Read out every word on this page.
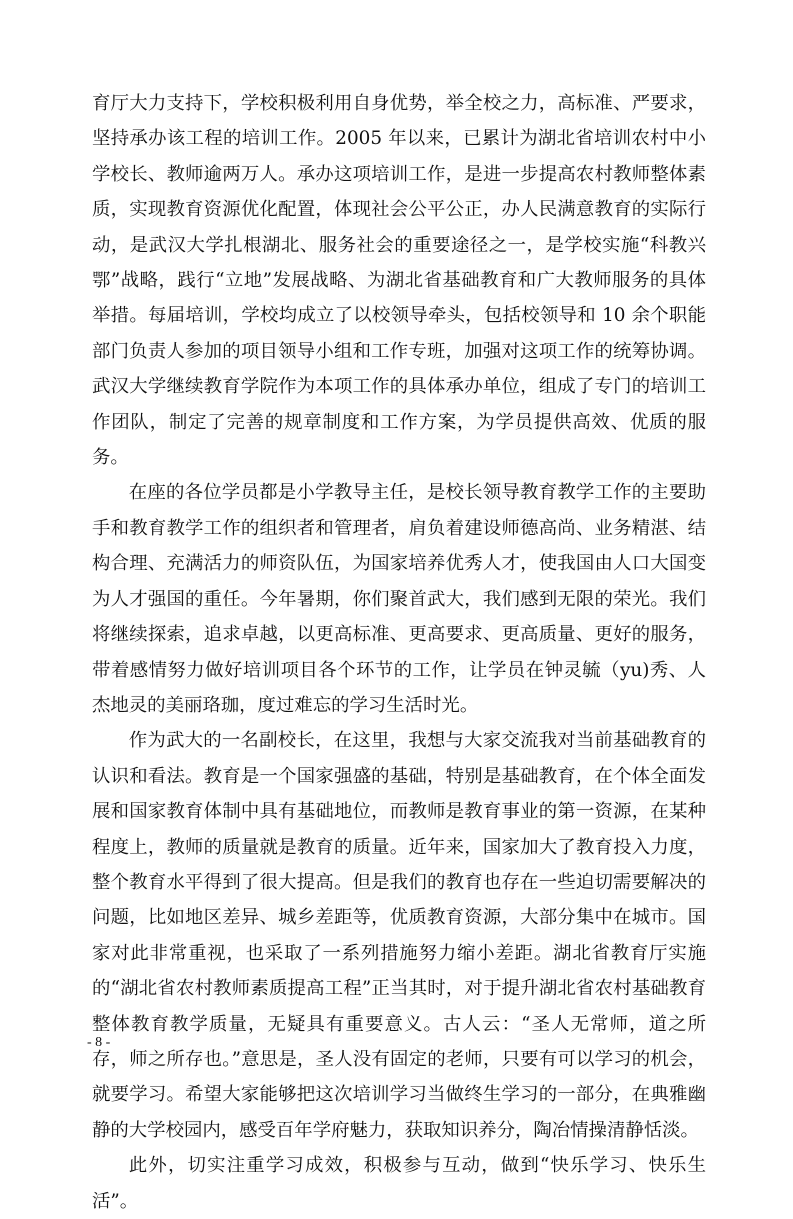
育厅大力支持下，学校积极利用自身优势，举全校之力，高标准、严要求，坚持承办该工程的培训工作。2005 年以来，已累计为湖北省培训农村中小学校长、教师逾两万人。承办这项培训工作，是进一步提高农村教师整体素质，实现教育资源优化配置，体现社会公平公正，办人民满意教育的实际行动，是武汉大学扎根湖北、服务社会的重要途径之一，是学校实施“科教兴鄂”战略，践行“立地”发展战略、为湖北省基础教育和广大教师服务的具体举措。每届培训，学校均成立了以校领导牵头，包括校领导和 10 余个职能部门负责人参加的项目领导小组和工作专班，加强对这项工作的统筹协调。武汉大学继续教育学院作为本项工作的具体承办单位，组成了专门的培训工作团队，制定了完善的规章制度和工作方案，为学员提供高效、优质的服务。

在座的各位学员都是小学教导主任，是校长领导教育教学工作的主要助手和教育教学工作的组织者和管理者，肩负着建设师德高尚、业务精湛、结构合理、充满活力的师资队伍，为国家培养优秀人才，使我国由人口大国变为人才强国的重任。今年暑期，你们聚首武大，我们感到无限的荣光。我们将继续探索，追求卓越，以更高标准、更高要求、更高质量、更好的服务，带着感情努力做好培训项目各个环节的工作，让学员在钟灵毓（yu)秀、人杰地灵的美丽珞珈，度过难忘的学习生活时光。

作为武大的一名副校长，在这里，我想与大家交流我对当前基础教育的认识和看法。教育是一个国家强盛的基础，特别是基础教育，在个体全面发展和国家教育体制中具有基础地位，而教师是教育事业的第一资源，在某种程度上，教师的质量就是教育的质量。近年来，国家加大了教育投入力度，整个教育水平得到了很大提高。但是我们的教育也存在一些迫切需要解决的问题，比如地区差异、城乡差距等，优质教育资源，大部分集中在城市。国家对此非常重视，也采取了一系列措施努力缩小差距。湖北省教育厅实施的“湖北省农村教师素质提高工程”正当其时，对于提升湖北省农村基础教育整体教育教学质量，无疑具有重要意义。古人云：“圣人无常师，道之所存，师之所存也。”意思是，圣人没有固定的老师，只要有可以学习的机会，就要学习。希望大家能够把这次培训学习当做终生学习的一部分，在典雅幽静的大学校园内，感受百年学府魅力，获取知识养分，陶冶情操清静恬淡。

此外，切实注重学习成效，积极参与互动，做到“快乐学习、快乐生活”。

- 8 -
